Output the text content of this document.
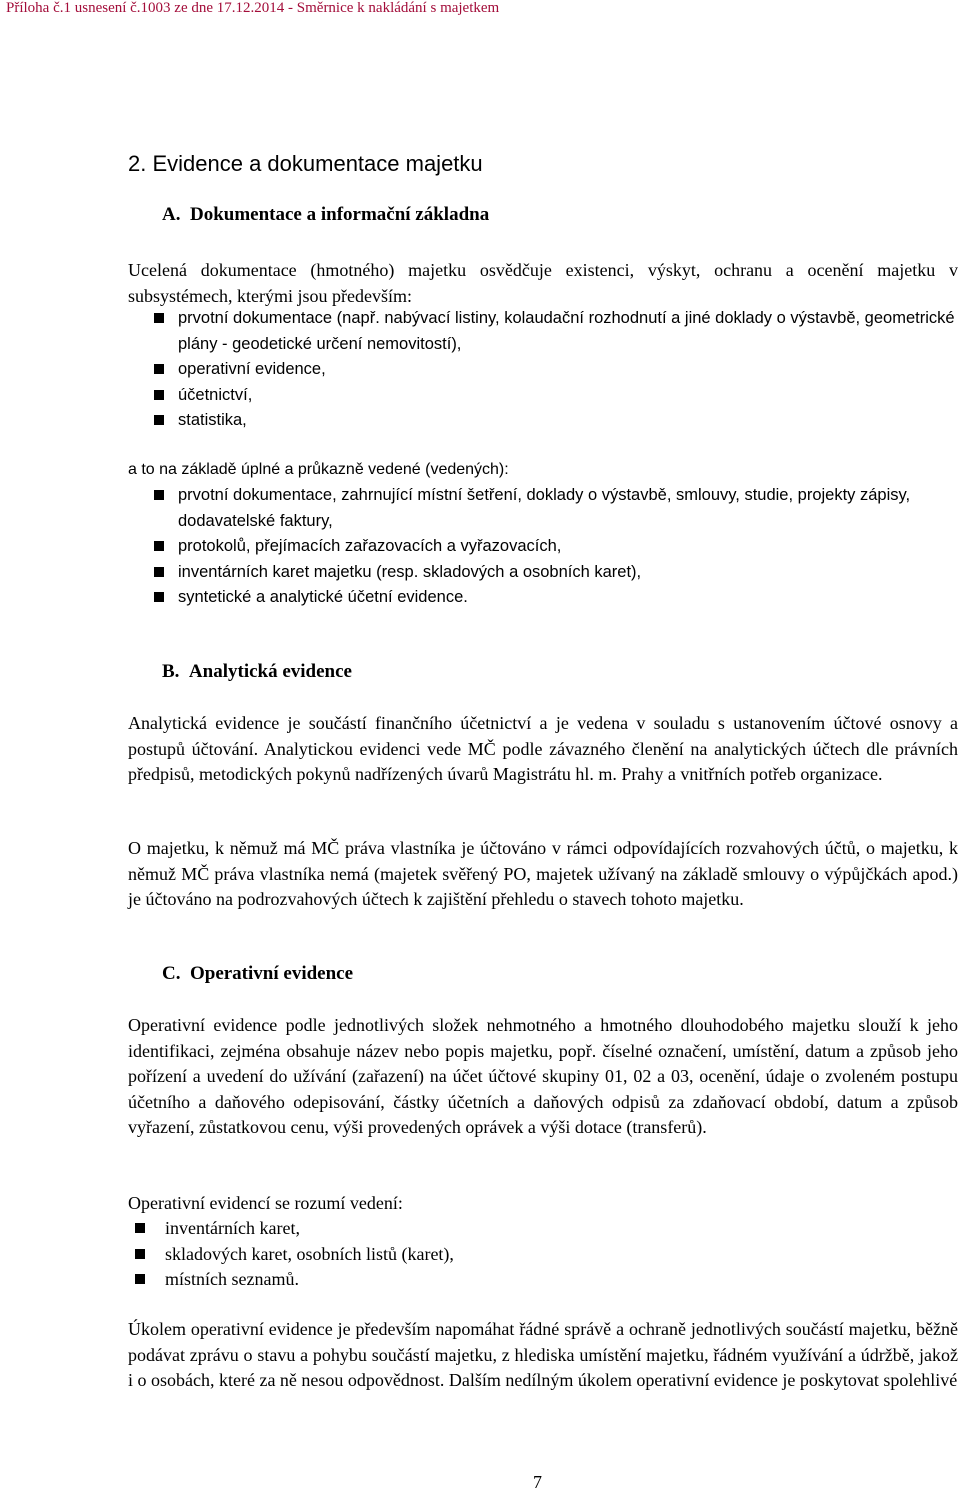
Příloha č.1 usnesení č.1003 ze dne 17.12.2014 - Směrnice k nakládání s majetkem
2. Evidence a dokumentace majetku
A.  Dokumentace a informační základna
Ucelená dokumentace (hmotného) majetku osvědčuje existenci, výskyt, ochranu a ocenění majetku v subsystémech, kterými jsou především:
prvotní dokumentace (např. nabývací listiny, kolaudační rozhodnutí a jiné doklady o výstavbě, geometrické plány - geodetické určení nemovitostí),
operativní evidence,
účetnictví,
statistika,
a to na základě úplné a průkazně vedené (vedených):
prvotní dokumentace, zahrnující místní šetření, doklady o výstavbě, smlouvy, studie, projekty zápisy, dodavatelské faktury,
protokolů, přejímacích zařazovacích a vyřazovacích,
inventárních karet majetku (resp. skladových a osobních karet),
syntetické a analytické účetní evidence.
B.  Analytická evidence
Analytická evidence je součástí finančního účetnictví a je vedena v souladu s ustanovením účtové osnovy a postupů účtování. Analytickou evidenci vede MČ podle závazného členění na analytických účtech dle právních předpisů, metodických pokynů nadřízených úvarů Magistrátu hl. m. Prahy a vnitřních potřeb organizace.
O majetku, k němuž má MČ práva vlastníka je účtováno v rámci odpovídajících rozvahových účtů, o majetku, k němuž MČ práva vlastníka nemá (majetek svěřený PO, majetek užívaný na základě smlouvy o výpůjčkách apod.) je účtováno na podrozvahových účtech k zajištění přehledu o stavech tohoto majetku.
C.  Operativní evidence
Operativní evidence podle jednotlivých složek nehmotného a hmotného dlouhodobého majetku slouží k jeho identifikaci, zejména obsahuje název nebo popis majetku, popř. číselné označení, umístění, datum a způsob jeho pořízení a uvedení do užívání (zařazení) na účet účtové skupiny 01, 02 a 03, ocenění, údaje o zvoleném postupu účetního a daňového odepisování, částky účetních a daňových odpisů za zdaňovací období, datum a způsob vyřazení, zůstatkovou cenu, výši provedených oprávek a výši dotace (transferů).
Operativní evidencí se rozumí vedení:
inventárních karet,
skladových karet, osobních listů (karet),
místních seznamů.
Úkolem operativní evidence je především napomáhat řádné správě a ochraně jednotlivých součástí majetku, běžně podávat zprávu o stavu a pohybu součástí majetku, z hlediska umístění majetku, řádném využívání a údržbě, jakož i o osobách, které za ně nesou odpovědnost. Dalším nedílným úkolem operativní evidence je poskytovat spolehlivé
7
